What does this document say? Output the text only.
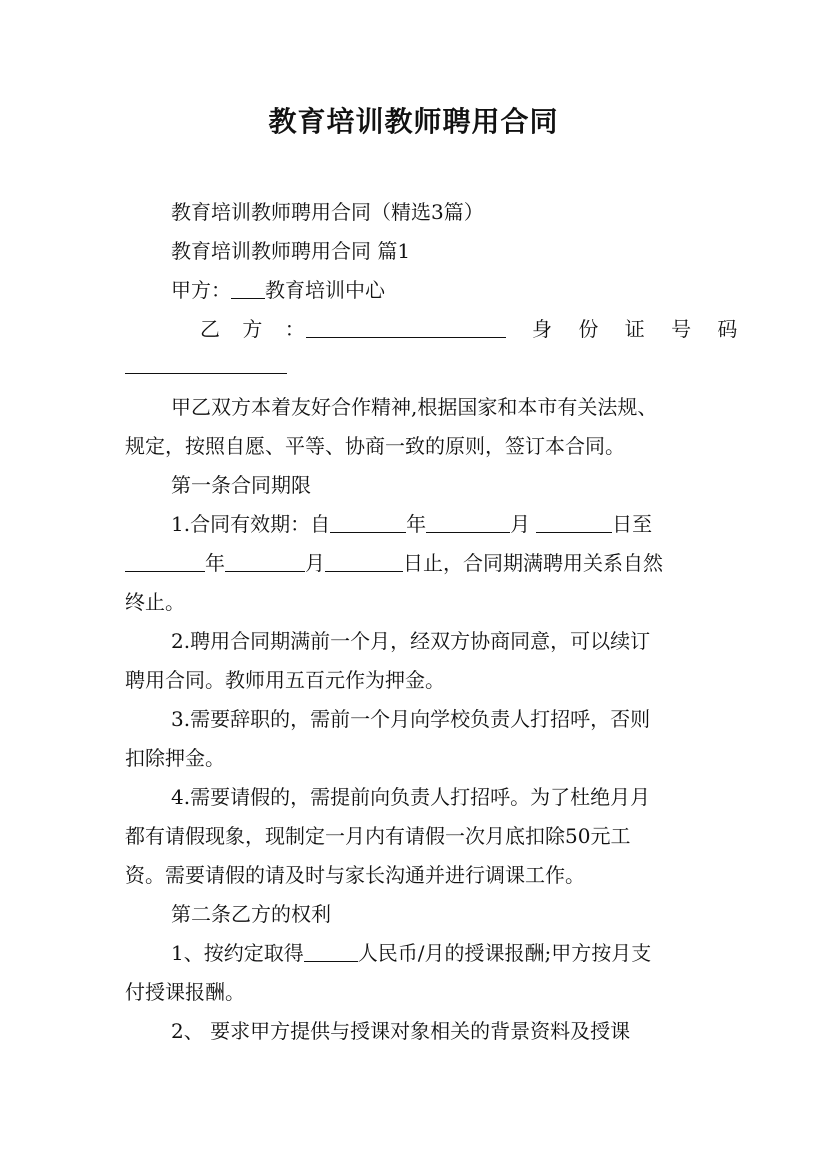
教育培训教师聘用合同
教育培训教师聘用合同（精选3篇）
教育培训教师聘用合同 篇1
甲方： 教育培训中心
乙 方 ：	身 份 证 号 码
甲乙双方本着友好合作精神,根据国家和本市有关法规、
规定，按照自愿、平等、协商一致的原则，签订本合同。
第一条合同期限
1.合同有效期：自	年	月	日至
年	月	日止，合同期满聘用关系自然
终止。
2.聘用合同期满前一个月，经双方协商同意，可以续订
聘用合同。教师用五百元作为押金。
3.需要辞职的，需前一个月向学校负责人打招呼，否则
扣除押金。
4.需要请假的，需提前向负责人打招呼。为了杜绝月月
都有请假现象，现制定一月内有请假一次月底扣除50元工
资。需要请假的请及时与家长沟通并进行调课工作。
第二条乙方的权利
1、按约定取得	人民币/月的授课报酬;甲方按月支
付授课报酬。
2、 要求甲方提供与授课对象相关的背景资料及授课
